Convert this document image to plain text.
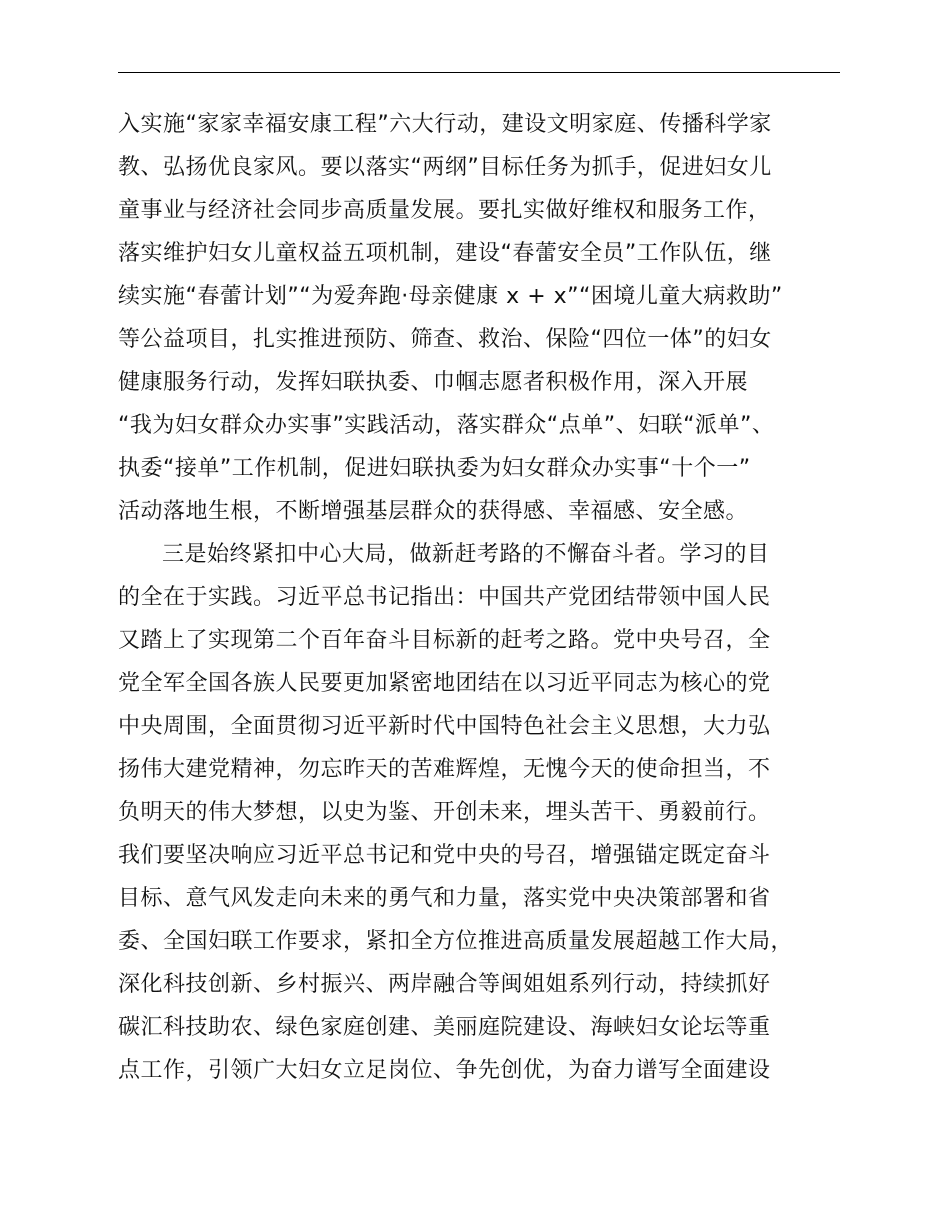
入实施“家家幸福安康工程”六大行动，建设文明家庭、传播科学家
教、弘扬优良家风。要以落实“两纲”目标任务为抓手，促进妇女儿
童事业与经济社会同步高质量发展。要扎实做好维权和服务工作，
落实维护妇女儿童权益五项机制，建设“春蕾安全员”工作队伍，继
续实施“春蕾计划”“为爱奔跑·母亲健康 x + x”“困境儿童大病救助”
等公益项目，扎实推进预防、筛查、救治、保险“四位一体”的妇女
健康服务行动，发挥妇联执委、巾帼志愿者积极作用，深入开展
“我为妇女群众办实事”实践活动，落实群众“点单”、妇联“派单”、
执委“接单”工作机制，促进妇联执委为妇女群众办实事“十个一”
活动落地生根，不断增强基层群众的获得感、幸福感、安全感。
三是始终紧扣中心大局，做新赶考路的不懈奋斗者。学习的目
的全在于实践。习近平总书记指出：中国共产党团结带领中国人民
又踏上了实现第二个百年奋斗目标新的赶考之路。党中央号召，全
党全军全国各族人民要更加紧密地团结在以习近平同志为核心的党
中央周围，全面贯彻习近平新时代中国特色社会主义思想，大力弘
扬伟大建党精神，勿忘昨天的苦难辉煌，无愧今天的使命担当，不
负明天的伟大梦想，以史为鉴、开创未来，埋头苦干、勇毅前行。
我们要坚决响应习近平总书记和党中央的号召，增强锚定既定奋斗
目标、意气风发走向未来的勇气和力量，落实党中央决策部署和省
委、全国妇联工作要求，紧扣全方位推进高质量发展超越工作大局，
深化科技创新、乡村振兴、两岸融合等闽姐姐系列行动，持续抓好
碳汇科技助农、绿色家庭创建、美丽庭院建设、海峡妇女论坛等重
点工作，引领广大妇女立足岗位、争先创优，为奋力谱写全面建设
